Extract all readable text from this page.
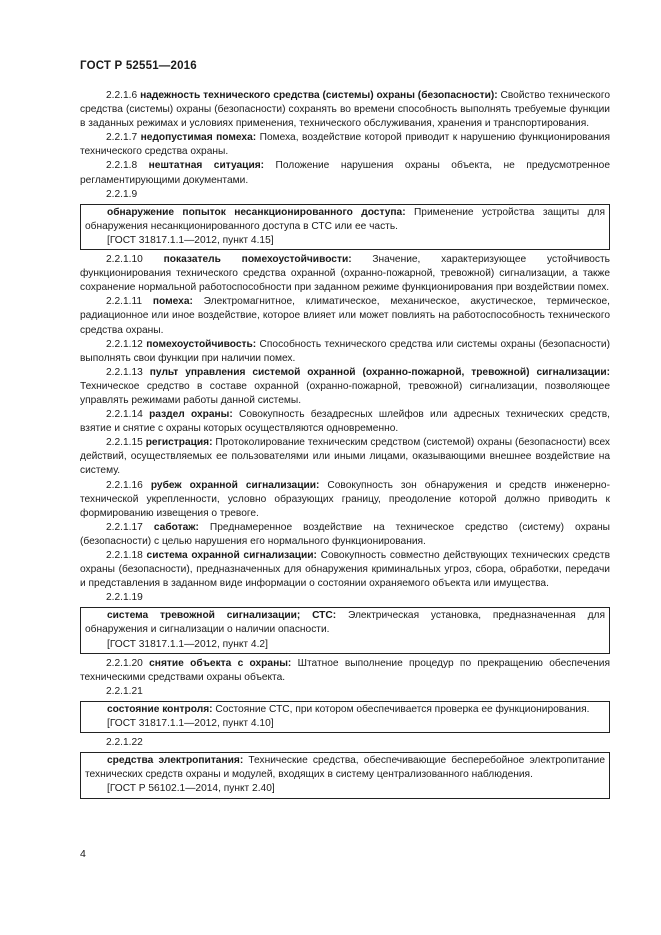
ГОСТ Р 52551—2016

2.2.1.6 надежность технического средства (системы) охраны (безопасности): Свойство технического средства (системы) охраны (безопасности) сохранять во времени способность выполнять требуемые функции в заданных режимах и условиях применения, технического обслуживания, хранения и транспортирования.

2.2.1.7 недопустимая помеха: Помеха, воздействие которой приводит к нарушению функционирования технического средства охраны.

2.2.1.8 нештатная ситуация: Положение нарушения охраны объекта, не предусмотренное регламентирующими документами.

2.2.1.9

обнаружение попыток несанкционированного доступа: Применение устройства защиты для обнаружения несанкционированного доступа в СТС или ее часть.

[ГОСТ 31817.1.1—2012, пункт 4.15]

2.2.1.10 показатель помехоустойчивости: Значение, характеризующее устойчивость функционирования технического средства охранной (охранно-пожарной, тревожной) сигнализации, а также сохранение нормальной работоспособности при заданном режиме функционирования при воздействии помех.

2.2.1.11 помеха: Электромагнитное, климатическое, механическое, акустическое, термическое, радиационное или иное воздействие, которое влияет или может повлиять на работоспособность технического средства охраны.

2.2.1.12 помехоустойчивость: Способность технического средства или системы охраны (безопасности) выполнять свои функции при наличии помех.

2.2.1.13 пульт управления системой охранной (охранно-пожарной, тревожной) сигнализации: Техническое средство в составе охранной (охранно-пожарной, тревожной) сигнализации, позволяющее управлять режимами работы данной системы.

2.2.1.14 раздел охраны: Совокупность безадресных шлейфов или адресных технических средств, взятие и снятие с охраны которых осуществляются одновременно.

2.2.1.15 регистрация: Протоколирование техническим средством (системой) охраны (безопасности) всех действий, осуществляемых ее пользователями или иными лицами, оказывающими внешнее воздействие на систему.

2.2.1.16 рубеж охранной сигнализации: Совокупность зон обнаружения и средств инженерно-технической укрепленности, условно образующих границу, преодоление которой должно приводить к формированию извещения о тревоге.

2.2.1.17 саботаж: Преднамеренное воздействие на техническое средство (систему) охраны (безопасности) с целью нарушения его нормального функционирования.

2.2.1.18 система охранной сигнализации: Совокупность совместно действующих технических средств охраны (безопасности), предназначенных для обнаружения криминальных угроз, сбора, обработки, передачи и представления в заданном виде информации о состоянии охраняемого объекта или имущества.

2.2.1.19

система тревожной сигнализации; СТС: Электрическая установка, предназначенная для обнаружения и сигнализации о наличии опасности.

[ГОСТ 31817.1.1—2012, пункт 4.2]

2.2.1.20 снятие объекта с охраны: Штатное выполнение процедур по прекращению обеспечения техническими средствами охраны объекта.

2.2.1.21

состояние контроля: Состояние СТС, при котором обеспечивается проверка ее функционирования.

[ГОСТ 31817.1.1—2012, пункт 4.10]

2.2.1.22

средства электропитания: Технические средства, обеспечивающие бесперебойное электропитание технических средств охраны и модулей, входящих в систему централизованного наблюдения.

[ГОСТ Р 56102.1—2014, пункт 2.40]

4
